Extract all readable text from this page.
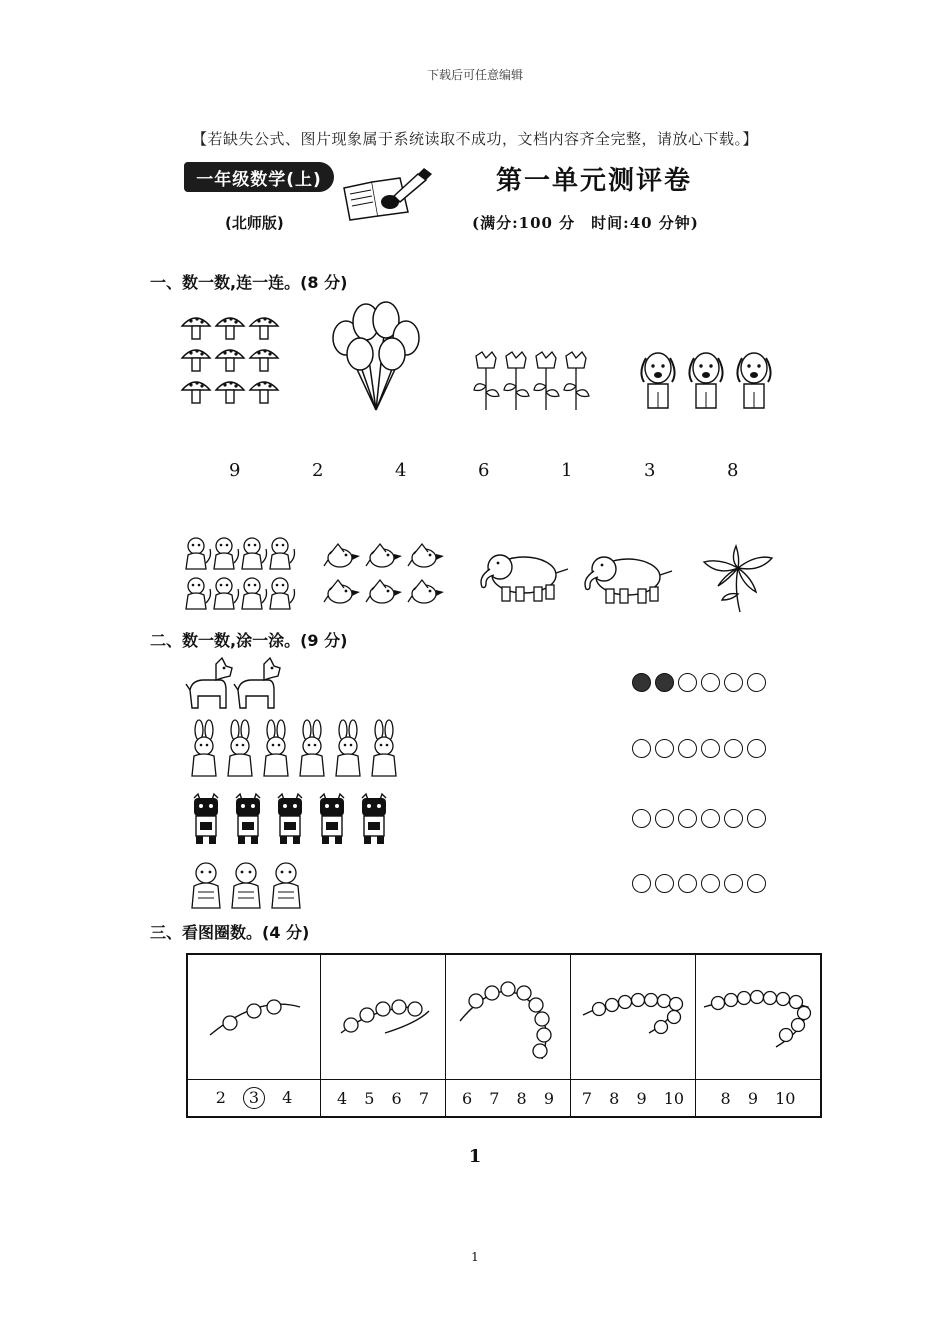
下载后可任意编辑
【若缺失公式、图片现象属于系统读取不成功，文档内容齐全完整，请放心下载。】
一年级数学(上)
(北师版)
第一单元测评卷
(满分:100 分　时间:40 分钟)
一、数一数,连一连。(8 分)
9	2	4	6	1	3	8
二、数一数,涂一涂。(9 分)
三、看图圈数。(4 分)

2 3 4	4 5 6 7	6 7 8 9	7 8 9 10	8 9 10
1
1
